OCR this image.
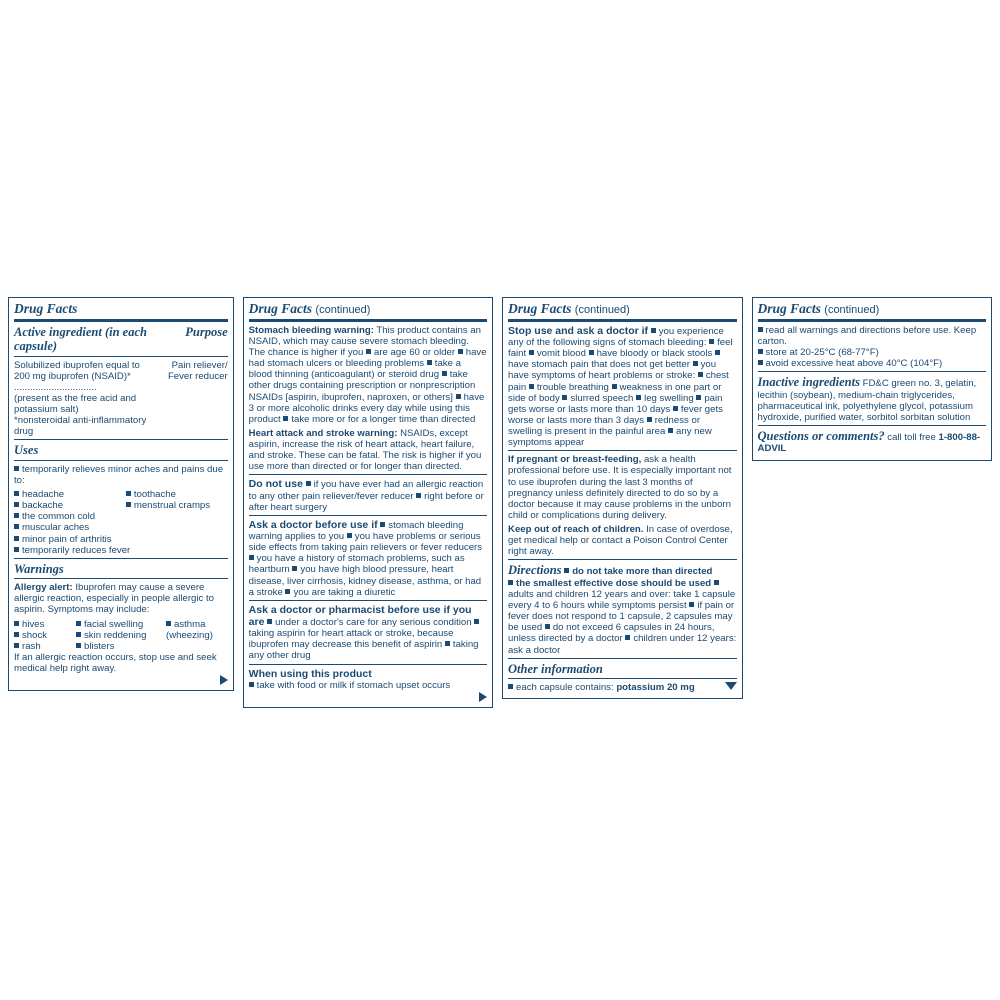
Drug Facts
Active ingredient (in each capsule)
Purpose
Solubilized ibuprofen equal to
200 mg ibuprofen (NSAID)* ...............................
(present as the free acid and potassium salt)
*nonsteroidal anti-inflammatory drug
Pain reliever/
Fever reducer
Uses
temporarily relieves minor aches and pains due to:
headache
backache
the common cold
muscular aches
minor pain of arthritis
toothache
menstrual cramps
temporarily reduces fever
Warnings
Allergy alert: Ibuprofen may cause a severe allergic reaction, especially in people allergic to aspirin. Symptoms may include:
hives
shock
rash
facial swelling
skin reddening
blisters
asthma (wheezing)
If an allergic reaction occurs, stop use and seek medical help right away.
Drug Facts (continued)
Stomach bleeding warning: This product contains an NSAID, which may cause severe stomach bleeding. The chance is higher if you are age 60 or older have had stomach ulcers or bleeding problems take a blood thinning (anticoagulant) or steroid drug take other drugs containing prescription or nonprescription NSAIDs [aspirin, ibuprofen, naproxen, or others] have 3 or more alcoholic drinks every day while using this product take more or for a longer time than directed
Heart attack and stroke warning: NSAIDs, except aspirin, increase the risk of heart attack, heart failure, and stroke. These can be fatal. The risk is higher if you use more than directed or for longer than directed.
Do not use if you have ever had an allergic reaction to any other pain reliever/fever reducer right before or after heart surgery
Ask a doctor before use if stomach bleeding warning applies to you you have problems or serious side effects from taking pain relievers or fever reducers you have a history of stomach problems, such as heartburn you have high blood pressure, heart disease, liver cirrhosis, kidney disease, asthma, or had a stroke you are taking a diuretic
Ask a doctor or pharmacist before use if you are under a doctor's care for any serious condition taking aspirin for heart attack or stroke, because ibuprofen may decrease this benefit of aspirin taking any other drug
When using this product
take with food or milk if stomach upset occurs
Drug Facts (continued)
Stop use and ask a doctor if you experience any of the following signs of stomach bleeding: feel faint vomit blood have bloody or black stools have stomach pain that does not get better you have symptoms of heart problems or stroke: chest pain trouble breathing weakness in one part or side of body slurred speech leg swelling pain gets worse or lasts more than 10 days fever gets worse or lasts more than 3 days redness or swelling is present in the painful area any new symptoms appear
If pregnant or breast-feeding, ask a health professional before use. It is especially important not to use ibuprofen during the last 3 months of pregnancy unless definitely directed to do so by a doctor because it may cause problems in the unborn child or complications during delivery.
Keep out of reach of children. In case of overdose, get medical help or contact a Poison Control Center right away.
Directions do not take more than directed
the smallest effective dose should be used adults and children 12 years and over: take 1 capsule every 4 to 6 hours while symptoms persist if pain or fever does not respond to 1 capsule, 2 capsules may be used do not exceed 6 capsules in 24 hours, unless directed by a doctor children under 12 years: ask a doctor
Other information
each capsule contains: potassium 20 mg
Drug Facts (continued)
read all warnings and directions before use. Keep carton.
store at 20-25°C (68-77°F)
avoid excessive heat above 40°C (104°F)
Inactive ingredients FD&C green no. 3, gelatin, lecithin (soybean), medium-chain triglycerides, pharmaceutical ink, polyethylene glycol, potassium hydroxide, purified water, sorbitol sorbitan solution
Questions or comments? call toll free 1-800-88-ADVIL
